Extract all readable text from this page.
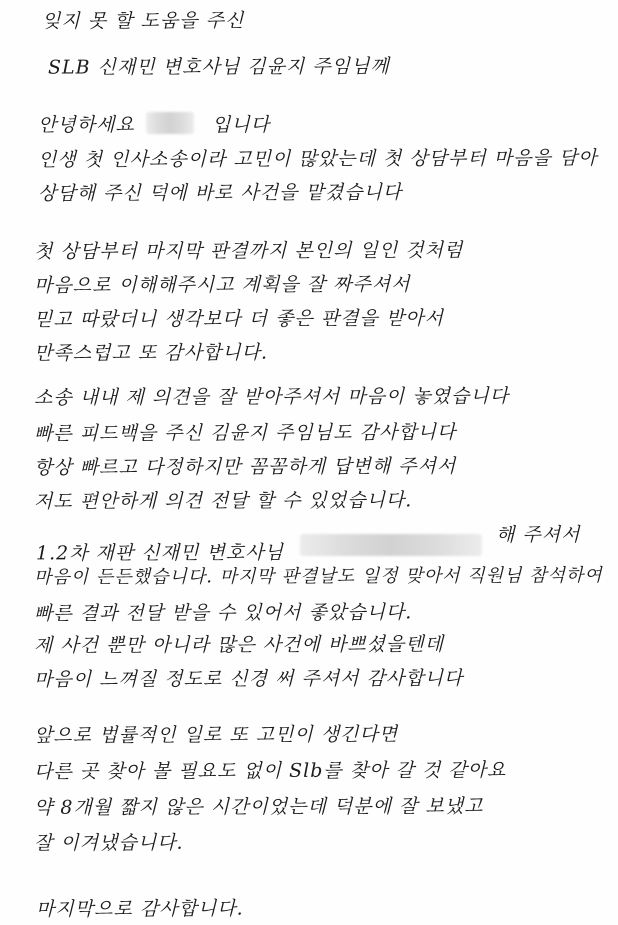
잊지 못 할 도움을 주신

SLB 신재민 변호사님 김윤지 주임님께

안녕하세요	입니다

인생 첫 인사소송이라 고민이 많았는데 첫 상담부터 마음을 담아

상담해 주신 덕에 바로 사건을 맡겼습니다

첫 상담부터 마지막 판결까지 본인의 일인 것처럼

마음으로 이해해주시고 계획을 잘 짜주셔서

믿고 따랐더니 생각보다 더 좋은 판결을 받아서

만족스럽고 또 감사합니다.

소송 내내 제 의견을 잘 받아주셔서 마음이 놓였습니다

빠른 피드백을 주신 김윤지 주임님도 감사합니다

항상 빠르고 다정하지만 꼼꼼하게 답변해 주셔서

저도 편안하게 의견 전달 할 수 있었습니다.

1.2차 재판 신재민 변호사님

해 주셔서

마음이 든든했습니다. 마지막 판결날도 일정 맞아서 직원님 참석하여

빠른 결과 전달 받을 수 있어서 좋았습니다.

제 사건 뿐만 아니라 많은 사건에 바쁘셨을텐데

마음이 느껴질 정도로 신경 써 주셔서 감사합니다

앞으로 법률적인 일로 또 고민이 생긴다면

다른 곳 찾아 볼 필요도 없이 Slb를 찾아 갈 것 같아요

약 8개월 짧지 않은 시간이었는데 덕분에 잘 보냈고

잘 이겨냈습니다.

마지막으로 감사합니다.
